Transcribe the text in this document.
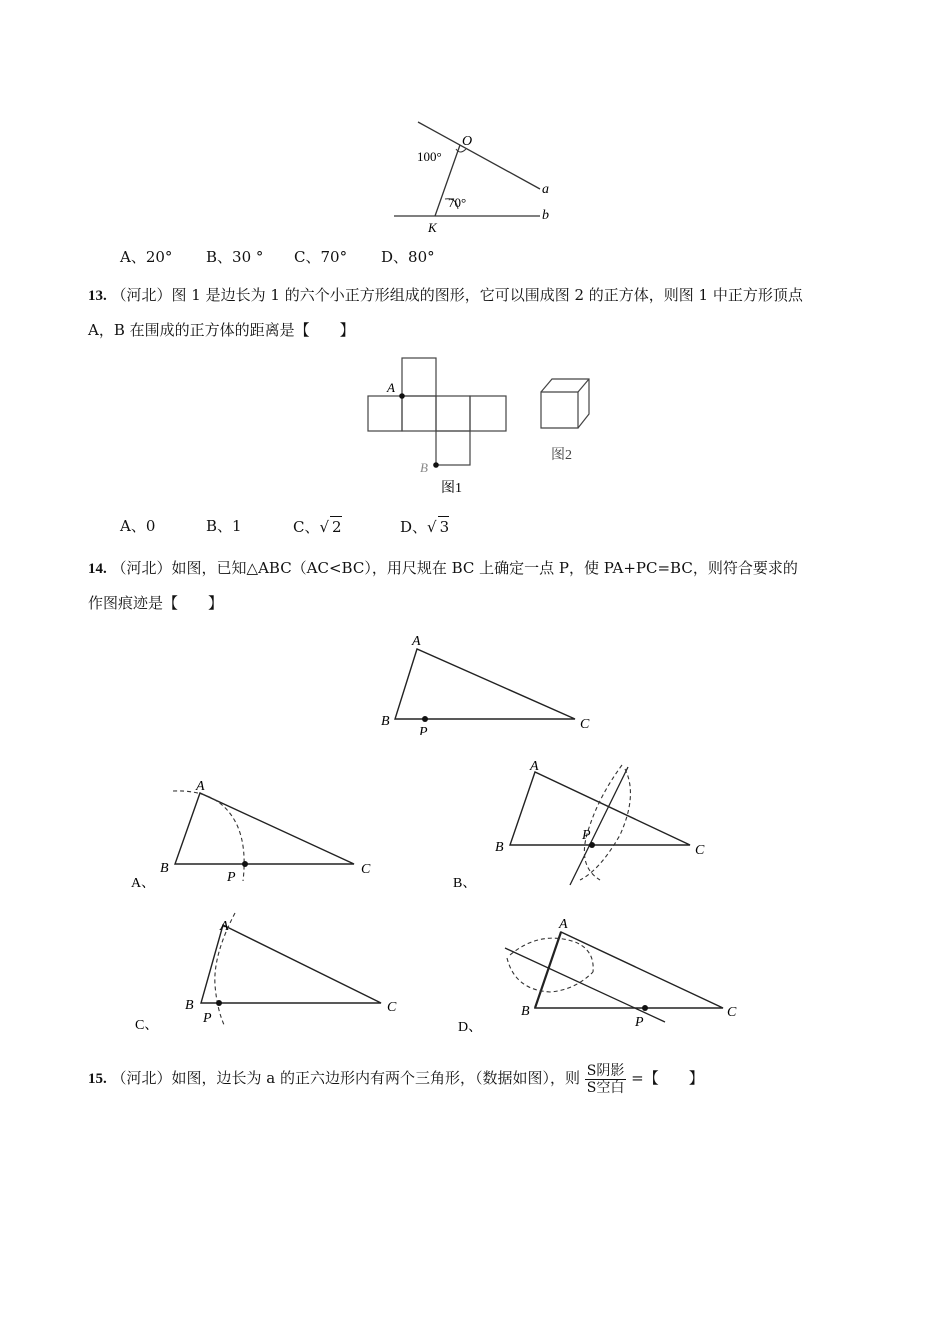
O
a
b
K
100°
70°
A、20°	B、30 °	C、70°	D、80°
13. （河北）图 1 是边长为 1 的六个小正方形组成的图形，它可以围成图 2 的正方体，则图 1 中正方形顶点
A，B 在围成的正方体的距离是【　　】
A
B
图1
图2
A、0	B、1	C、√ 2	D、√ 3
14. （河北）如图，已知△ABC（AC<BC），用尺规在 BC 上确定一点 P，使 PA+PC=BC，则符合要求的
作图痕迹是【　　】
A
B	C
P
A
B	C
P
A、
A
B	C
P
B、
A
B	C
P
C、
A
B	C
P
D、
15. （河北）如图，边长为 a 的正六边形内有两个三角形，（数据如图），则 $\frac{\text{S阴影}}{\text{S空白}}$ =【　　】
